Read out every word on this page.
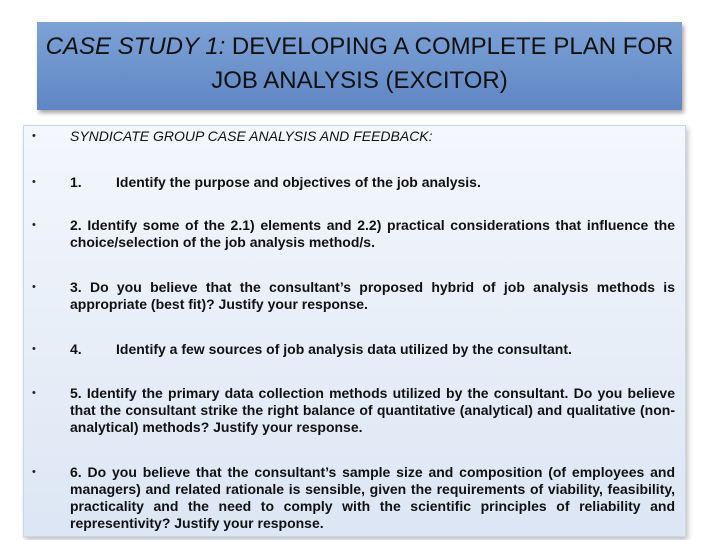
CASE STUDY 1: DEVELOPING A COMPLETE PLAN FOR JOB ANALYSIS (EXCITOR)
•	SYNDICATE GROUP CASE ANALYSIS AND FEEDBACK:
•	1. Identify the purpose and objectives of the job analysis.
•	2. Identify some of the 2.1) elements and 2.2) practical considerations that influence the choice/selection of the job analysis method/s.
•	3. Do you believe that the consultant’s proposed hybrid of job analysis methods is appropriate (best fit)? Justify your response.
•	4. Identify a few sources of job analysis data utilized by the consultant.
•	5. Identify the primary data collection methods utilized by the consultant. Do you believe that the consultant strike the right balance of quantitative (analytical) and qualitative (non-analytical) methods? Justify your response.
•	6. Do you believe that the consultant’s sample size and composition (of employees and managers) and related rationale is sensible, given the requirements of viability, feasibility, practicality and the need to comply with the scientific principles of reliability and representivity? Justify your response.
